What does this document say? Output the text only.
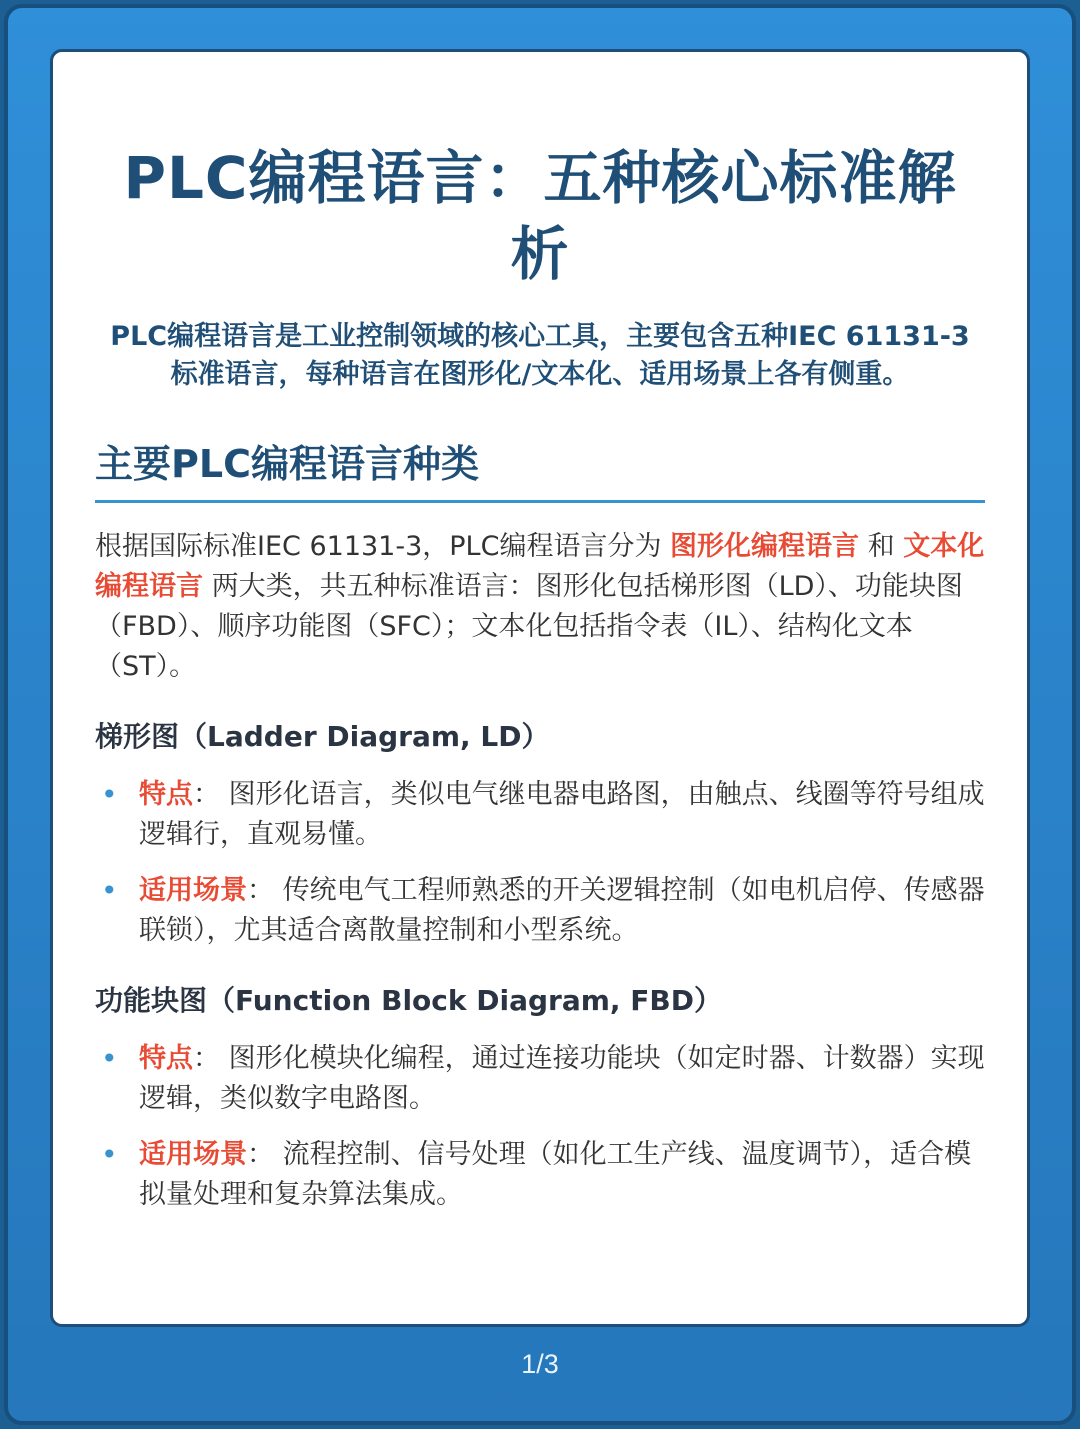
PLC编程语言：五种核心标准解析

PLC编程语言是工业控制领域的核心工具，主要包含五种IEC 61131-3标准语言，每种语言在图形化/文本化、适用场景上各有侧重。

主要PLC编程语言种类

根据国际标准IEC 61131-3，PLC编程语言分为 图形化编程语言 和 文本化编程语言 两大类，共五种标准语言：图形化包括梯形图（LD）、功能块图（FBD）、顺序功能图（SFC）；文本化包括指令表（IL）、结构化文本（ST）。

梯形图（Ladder Diagram, LD）
• 特点： 图形化语言，类似电气继电器电路图，由触点、线圈等符号组成逻辑行，直观易懂。
• 适用场景： 传统电气工程师熟悉的开关逻辑控制（如电机启停、传感器联锁），尤其适合离散量控制和小型系统。
功能块图（Function Block Diagram, FBD）
• 特点： 图形化模块化编程，通过连接功能块（如定时器、计数器）实现逻辑，类似数字电路图。
• 适用场景： 流程控制、信号处理（如化工生产线、温度调节），适合模拟量处理和复杂算法集成。
1/3
